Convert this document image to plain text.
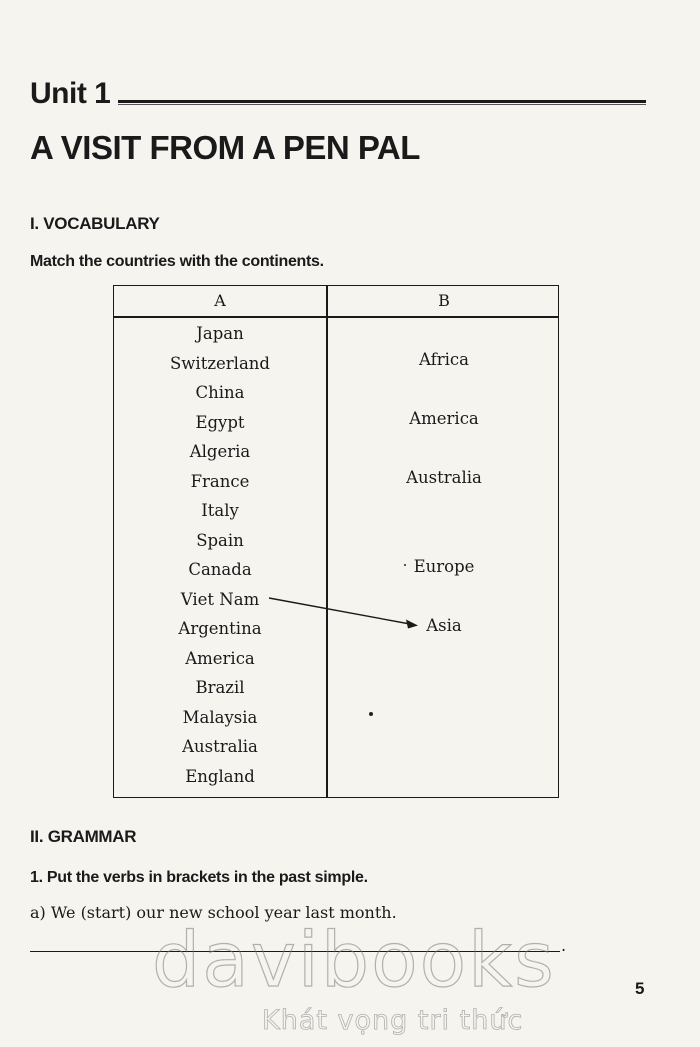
Unit 1
A VISIT FROM A PEN PAL
I. VOCABULARY
Match the countries with the continents.
A	B
Japan
Switzerland
China
Egypt
Algeria
France
Italy
Spain
Canada
Viet Nam
Argentina
America
Brazil
Malaysia
Australia
England
Africa
America
Australia
Europe
Asia
II. GRAMMAR
1. Put the verbs in brackets in the past simple.
a) We (start) our new school year last month.
.
davibooks
Khát vọng tri thức
5
